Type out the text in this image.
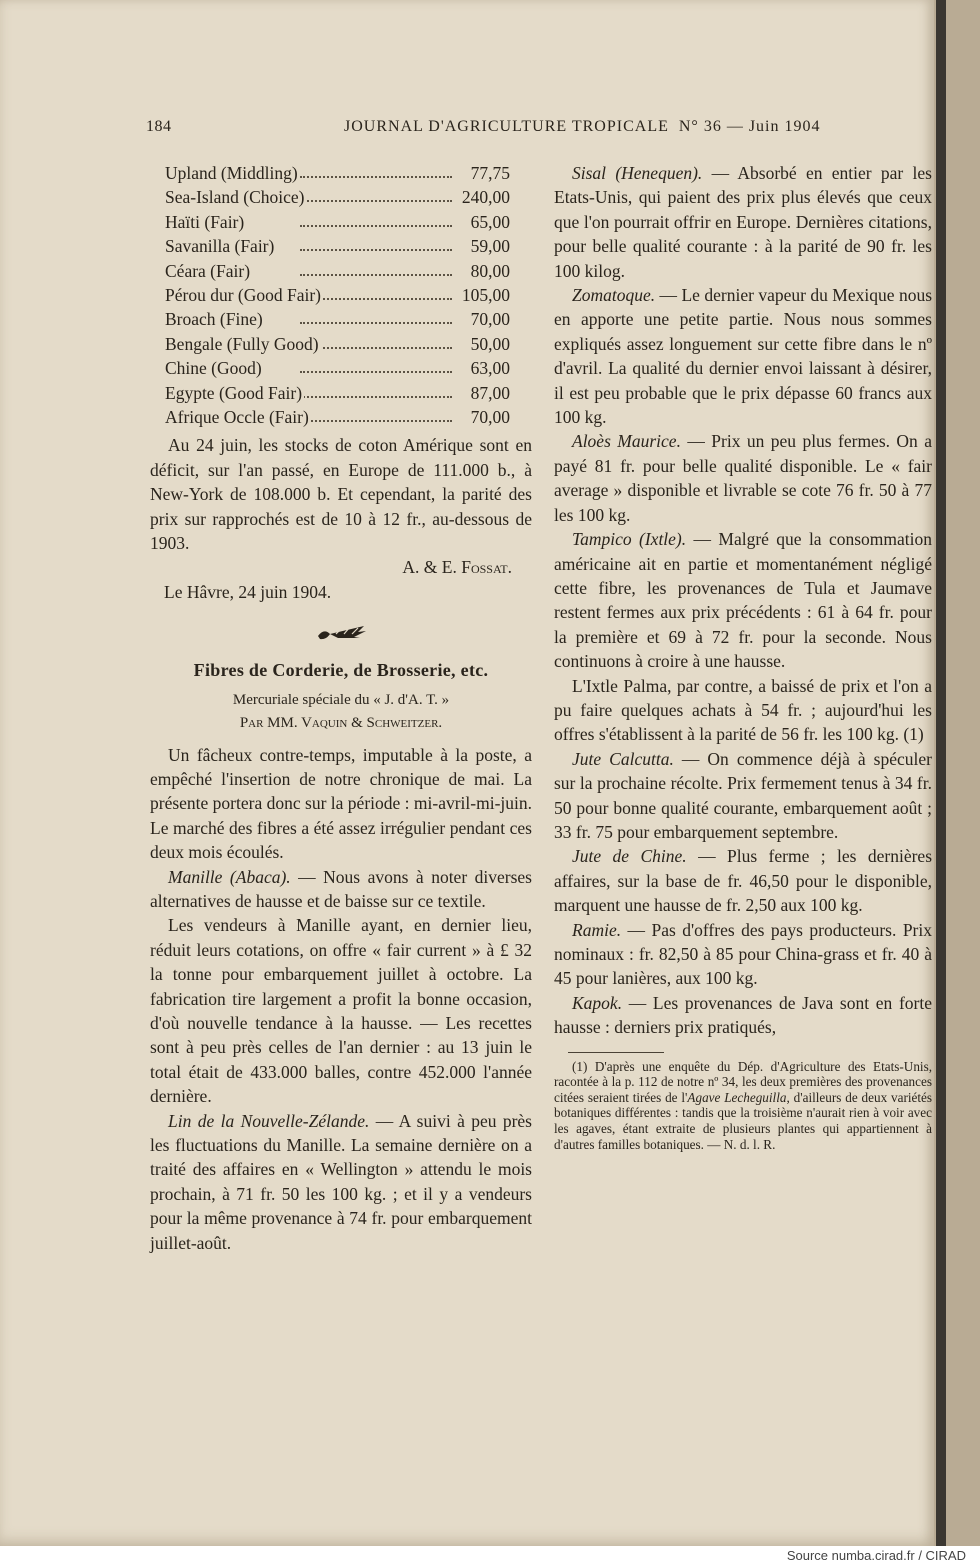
184	JOURNAL D'AGRICULTURE TROPICALE N° 36 — Juin 1904
Upland (Middling)	77,75
Sea-Island (Choice)	240,00
Haïti (Fair)	65,00
Savanilla (Fair)	59,00
Céara (Fair)	80,00
Pérou dur (Good Fair)	105,00
Broach (Fine)	70,00
Bengale (Fully Good)	50,00
Chine (Good)	63,00
Egypte (Good Fair)	87,00
Afrique Occle (Fair)	70,00

Au 24 juin, les stocks de coton Amérique sont en déficit, sur l'an passé, en Europe de 111.000 b., à New-York de 108.000 b. Et cependant, la parité des prix sur rapprochés est de 10 à 12 fr., au-dessous de 1903.

A. & E. Fossat.

Le Hâvre, 24 juin 1904.

Fibres de Corderie, de Brosserie, etc.
Mercuriale spéciale du « J. d'A. T. »
Par MM. Vaquin & Schweitzer.

Un fâcheux contre-temps, imputable à la poste, a empêché l'insertion de notre chronique de mai. La présente portera donc sur la période : mi-avril-mi-juin. Le marché des fibres a été assez irrégulier pendant ces deux mois écoulés.

Manille (Abaca). — Nous avons à noter diverses alternatives de hausse et de baisse sur ce textile.

Les vendeurs à Manille ayant, en dernier lieu, réduit leurs cotations, on offre « fair current » à £ 32 la tonne pour embarquement juillet à octobre. La fabrication tire largement a profit la bonne occasion, d'où nouvelle tendance à la hausse. — Les recettes sont à peu près celles de l'an dernier : au 13 juin le total était de 433.000 balles, contre 452.000 l'année dernière.

Lin de la Nouvelle-Zélande. — A suivi à peu près les fluctuations du Manille. La semaine dernière on a traité des affaires en « Wellington » attendu le mois prochain, à 71 fr. 50 les 100 kg. ; et il y a vendeurs pour la même provenance à 74 fr. pour embarquement juillet-août.

Sisal (Henequen). — Absorbé en entier par les Etats-Unis, qui paient des prix plus élevés que ceux que l'on pourrait offrir en Europe. Dernières citations, pour belle qualité courante : à la parité de 90 fr. les 100 kilog.

Zomatoque. — Le dernier vapeur du Mexique nous en apporte une petite partie. Nous nous sommes expliqués assez longuement sur cette fibre dans le nº d'avril. La qualité du dernier envoi laissant à désirer, il est peu probable que le prix dépasse 60 francs aux 100 kg.

Aloès Maurice. — Prix un peu plus fermes. On a payé 81 fr. pour belle qualité disponible. Le « fair average » disponible et livrable se cote 76 fr. 50 à 77 les 100 kg.

Tampico (Ixtle). — Malgré que la consommation américaine ait en partie et momentanément négligé cette fibre, les provenances de Tula et Jaumave restent fermes aux prix précédents : 61 à 64 fr. pour la première et 69 à 72 fr. pour la seconde. Nous continuons à croire à une hausse.

L'Ixtle Palma, par contre, a baissé de prix et l'on a pu faire quelques achats à 54 fr. ; aujourd'hui les offres s'établissent à la parité de 56 fr. les 100 kg. (1)

Jute Calcutta. — On commence déjà à spéculer sur la prochaine récolte. Prix fermement tenus à 34 fr. 50 pour bonne qualité courante, embarquement août ; 33 fr. 75 pour embarquement septembre.

Jute de Chine. — Plus ferme ; les dernières affaires, sur la base de fr. 46,50 pour le disponible, marquent une hausse de fr. 2,50 aux 100 kg.

Ramie. — Pas d'offres des pays producteurs. Prix nominaux : fr. 82,50 à 85 pour China-grass et fr. 40 à 45 pour lanières, aux 100 kg.

Kapok. — Les provenances de Java sont en forte hausse : derniers prix pratiqués,

(1) D'après une enquête du Dép. d'Agriculture des Etats-Unis, racontée à la p. 112 de notre nº 34, les deux premières des provenances citées seraient tirées de l'Agave Lecheguilla, d'ailleurs de deux variétés botaniques différentes : tandis que la troisième n'aurait rien à voir avec les agaves, étant extraite de plusieurs plantes qui appartiennent à d'autres familles botaniques. — N. d. l. R.

Source numba.cirad.fr / CIRAD
